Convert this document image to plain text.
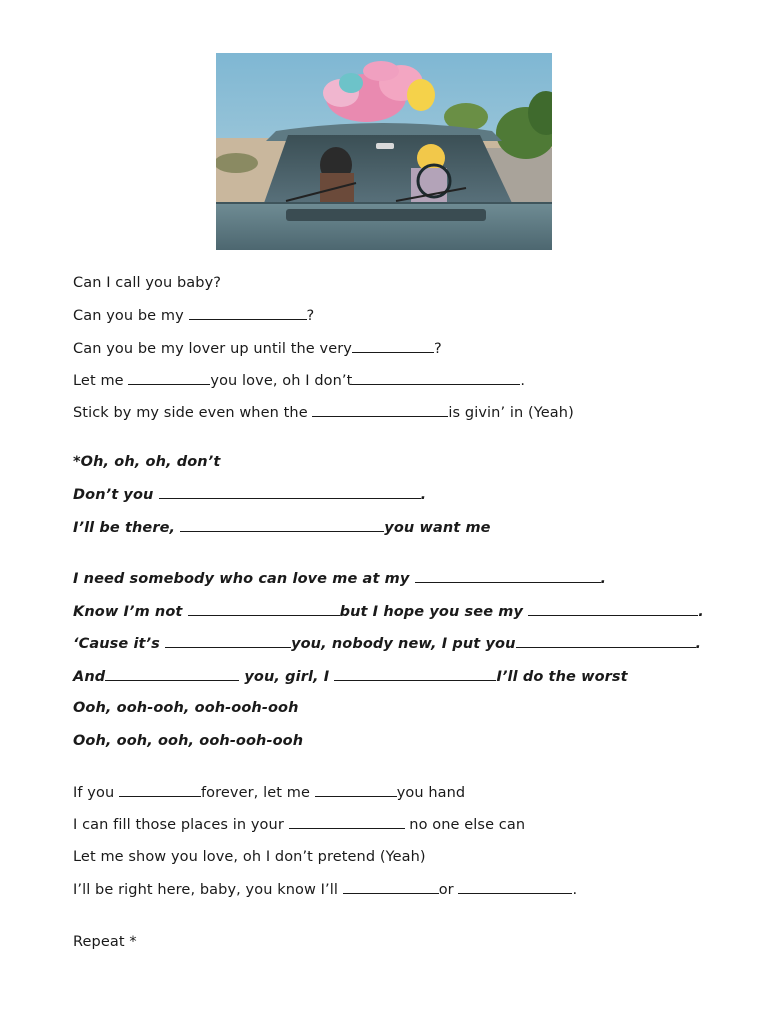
Can I call you baby?
Can you be my	?
Can you be my lover up until the very	?
Let me	you love, oh I don’t	.
Stick by my side even when the	is givin’ in (Yeah)
*Oh, oh, oh, don’t
Don’t you	.
I’ll be there,	you want me
I need somebody who can love me at my	.
Know I’m not	but I hope you see my	.
‘Cause it’s	you, nobody new, I put you	.
And	you, girl, I	I’ll do the worst
Ooh, ooh-ooh, ooh-ooh-ooh
Ooh, ooh, ooh, ooh-ooh-ooh
If you	forever, let me	you hand
I can fill those places in your	no one else can
Let me show you love, oh I don’t pretend (Yeah)
I’ll be right here, baby, you know I’ll	or	.
Repeat *
